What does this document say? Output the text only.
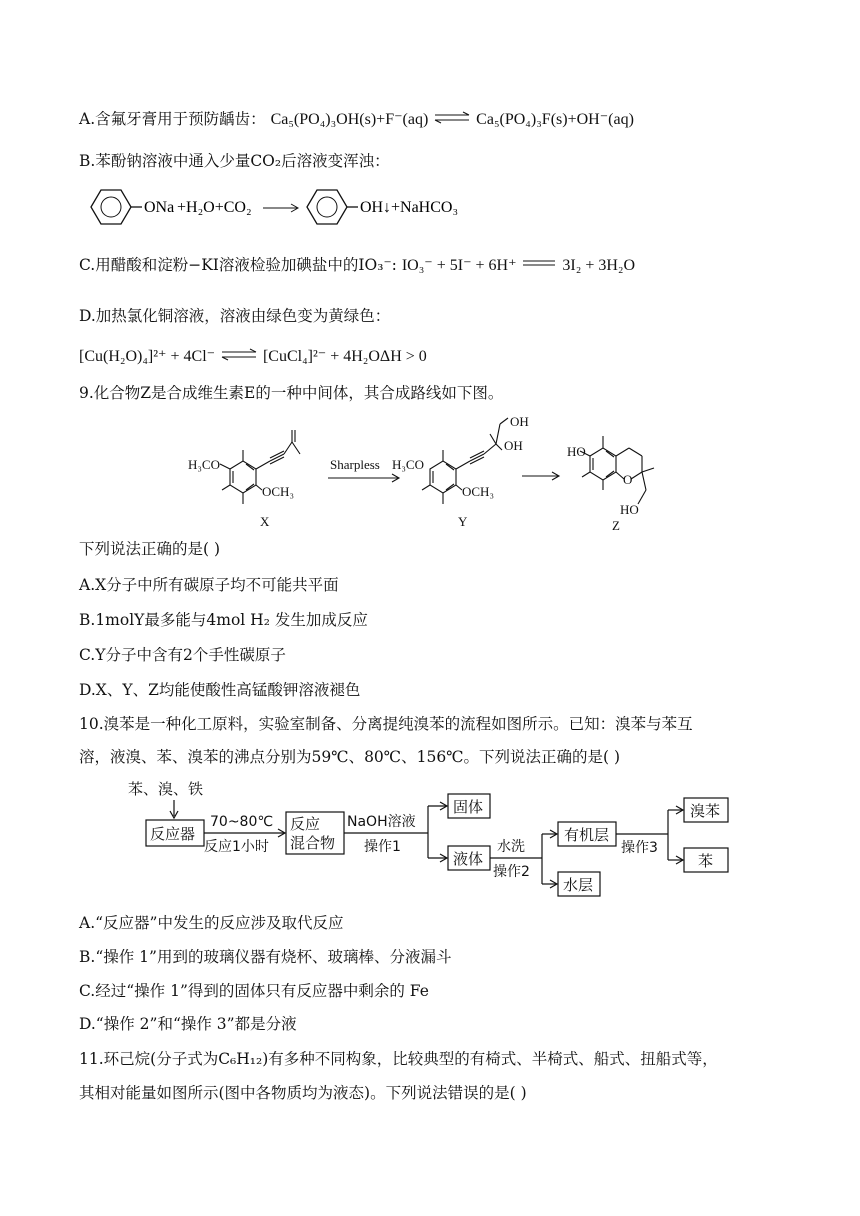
A.含氟牙膏用于预防龋齿： Ca₅(PO₄)₃OH(s)+F⁻(aq) ⇌ Ca₅(PO₄)₃F(s)+OH⁻(aq)
B.苯酚钠溶液中通入少量CO₂后溶液变浑浊：
ONa +H₂O+CO₂	OH ↓+NaHCO₃
C.用醋酸和淀粉−KI溶液检验加碘盐中的IO₃⁻: IO₃⁻ + 5I⁻ + 6H⁺	3I₂ + 3H₂O
D.加热氯化铜溶液，溶液由绿色变为黄绿色：
[Cu(H₂O)₄]²⁺ + 4Cl⁻ ⇌ [CuCl₄]²⁻ + 4H₂OΔH > 0
9.化合物Z是合成维生素E的一种中间体，其合成路线如下图。
H₃CO
OCH₃
X
Sharpless H₃CO
OCH₃
OH
OH
Y
HO
O
HO
Z
下列说法正确的是( )
A.X分子中所有碳原子均不可能共平面
B.1molY最多能与4mol H₂ 发生加成反应
C.Y分子中含有2个手性碳原子
D.X、Y、Z均能使酸性高锰酸钾溶液褪色
10.溴苯是一种化工原料，实验室制备、分离提纯溴苯的流程如图所示。已知：溴苯与苯互
溶，液溴、苯、溴苯的沸点分别为59℃、80℃、156℃。下列说法正确的是( )
苯、溴、铁
反应器
70~80℃
反应1小时
反应
混合物
NaOH溶液
操作1
固体
液体
水洗
操作2
有机层
水层
操作3
溴苯
苯
A.“反应器”中发生的反应涉及取代反应
B.“操作 1”用到的玻璃仪器有烧杯、玻璃棒、分液漏斗
C.经过“操作 1”得到的固体只有反应器中剩余的 Fe
D.“操作 2”和“操作 3”都是分液
11.环己烷(分子式为C₆H₁₂)有多种不同构象，比较典型的有椅式、半椅式、船式、扭船式等，
其相对能量如图所示(图中各物质均为液态)。下列说法错误的是( )
